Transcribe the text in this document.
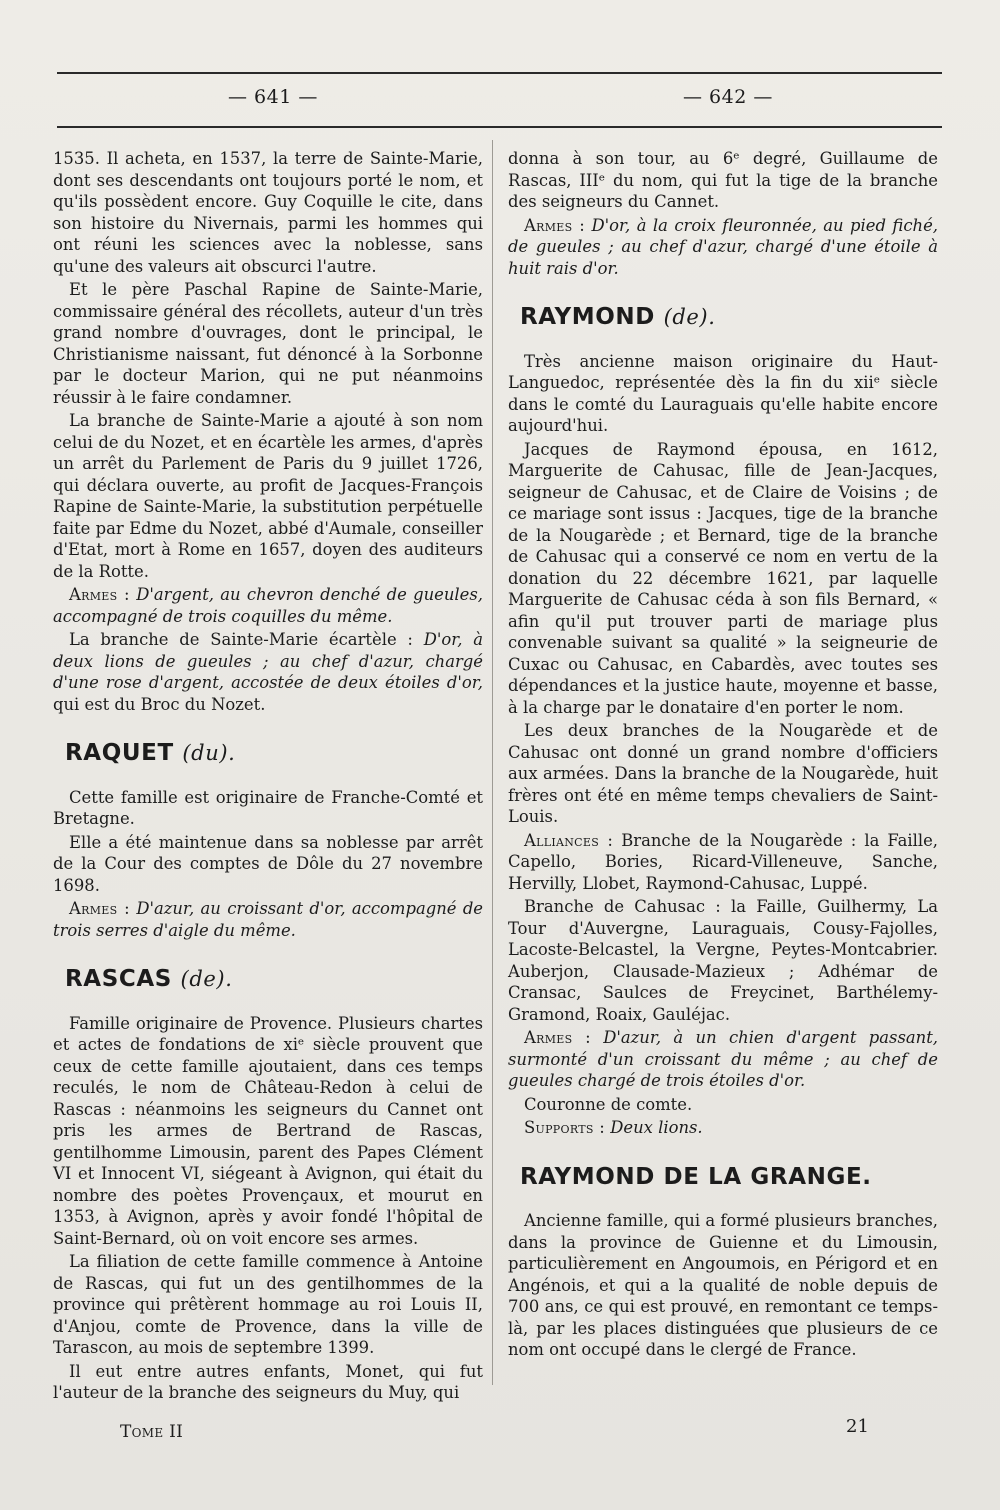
— 641 —	— 642 —

1535. Il acheta, en 1537, la terre de Sainte-Marie, dont ses descendants ont toujours porté le nom, et qu'ils possèdent encore. Guy Coquille le cite, dans son histoire du Nivernais, parmi les hommes qui ont réuni les sciences avec la noblesse, sans qu'une des valeurs ait obscurci l'autre.

Et le père Paschal Rapine de Sainte-Marie, commissaire général des récollets, auteur d'un très grand nombre d'ouvrages, dont le principal, le Christianisme naissant, fut dénoncé à la Sorbonne par le docteur Marion, qui ne put néanmoins réussir à le faire condamner.

La branche de Sainte-Marie a ajouté à son nom celui de du Nozet, et en écartèle les armes, d'après un arrêt du Parlement de Paris du 9 juillet 1726, qui déclara ouverte, au profit de Jacques-François Rapine de Sainte-Marie, la substitution perpétuelle faite par Edme du Nozet, abbé d'Aumale, conseiller d'Etat, mort à Rome en 1657, doyen des auditeurs de la Rotte.

Armes : D'argent, au chevron denché de gueules, accompagné de trois coquilles du même.

La branche de Sainte-Marie écartèle : D'or, à deux lions de gueules ; au chef d'azur, chargé d'une rose d'argent, accostée de deux étoiles d'or, qui est du Broc du Nozet.

RAQUET (du).

Cette famille est originaire de Franche-Comté et Bretagne.

Elle a été maintenue dans sa noblesse par arrêt de la Cour des comptes de Dôle du 27 novembre 1698.

Armes : D'azur, au croissant d'or, accompagné de trois serres d'aigle du même.

RASCAS (de).

Famille originaire de Provence. Plusieurs chartes et actes de fondations de xiᵉ siècle prouvent que ceux de cette famille ajoutaient, dans ces temps reculés, le nom de Château-Redon à celui de Rascas : néanmoins les seigneurs du Cannet ont pris les armes de Bertrand de Rascas, gentilhomme Limousin, parent des Papes Clément VI et Innocent VI, siégeant à Avignon, qui était du nombre des poètes Provençaux, et mourut en 1353, à Avignon, après y avoir fondé l'hôpital de Saint-Bernard, où on voit encore ses armes.

La filiation de cette famille commence à Antoine de Rascas, qui fut un des gentilhommes de la province qui prêtèrent hommage au roi Louis II, d'Anjou, comte de Provence, dans la ville de Tarascon, au mois de septembre 1399.

Il eut entre autres enfants, Monet, qui fut l'auteur de la branche des seigneurs du Muy, qui

donna à son tour, au 6ᵉ degré, Guillaume de Rascas, IIIᵉ du nom, qui fut la tige de la branche des seigneurs du Cannet.

Armes : D'or, à la croix fleuronnée, au pied fiché, de gueules ; au chef d'azur, chargé d'une étoile à huit rais d'or.

RAYMOND (de).

Très ancienne maison originaire du Haut-Languedoc, représentée dès la fin du xiiᵉ siècle dans le comté du Lauraguais qu'elle habite encore aujourd'hui.

Jacques de Raymond épousa, en 1612, Marguerite de Cahusac, fille de Jean-Jacques, seigneur de Cahusac, et de Claire de Voisins ; de ce mariage sont issus : Jacques, tige de la branche de la Nougarède ; et Bernard, tige de la branche de Cahusac qui a conservé ce nom en vertu de la donation du 22 décembre 1621, par laquelle Marguerite de Cahusac céda à son fils Bernard, « afin qu'il put trouver parti de mariage plus convenable suivant sa qualité » la seigneurie de Cuxac ou Cahusac, en Cabardès, avec toutes ses dépendances et la justice haute, moyenne et basse, à la charge par le donataire d'en porter le nom.

Les deux branches de la Nougarède et de Cahusac ont donné un grand nombre d'officiers aux armées. Dans la branche de la Nougarède, huit frères ont été en même temps chevaliers de Saint-Louis.

Alliances : Branche de la Nougarède : la Faille, Capello, Bories, Ricard-Villeneuve, Sanche, Hervilly, Llobet, Raymond-Cahusac, Luppé.

Branche de Cahusac : la Faille, Guilhermy, La Tour d'Auvergne, Lauraguais, Cousy-Fajolles, Lacoste-Belcastel, la Vergne, Peytes-Montcabrier. Auberjon, Clausade-Mazieux ; Adhémar de Cransac, Saulces de Freycinet, Barthélemy-Gramond, Roaix, Gauléjac.

Armes : D'azur, à un chien d'argent passant, surmonté d'un croissant du même ; au chef de gueules chargé de trois étoiles d'or.

Couronne de comte.

Supports : Deux lions.

RAYMOND DE LA GRANGE.

Ancienne famille, qui a formé plusieurs branches, dans la province de Guienne et du Limousin, particulièrement en Angoumois, en Périgord et en Angénois, et qui a la qualité de noble depuis de 700 ans, ce qui est prouvé, en remontant ce temps-là, par les places distinguées que plusieurs de ce nom ont occupé dans le clergé de France.

Tome II	21
